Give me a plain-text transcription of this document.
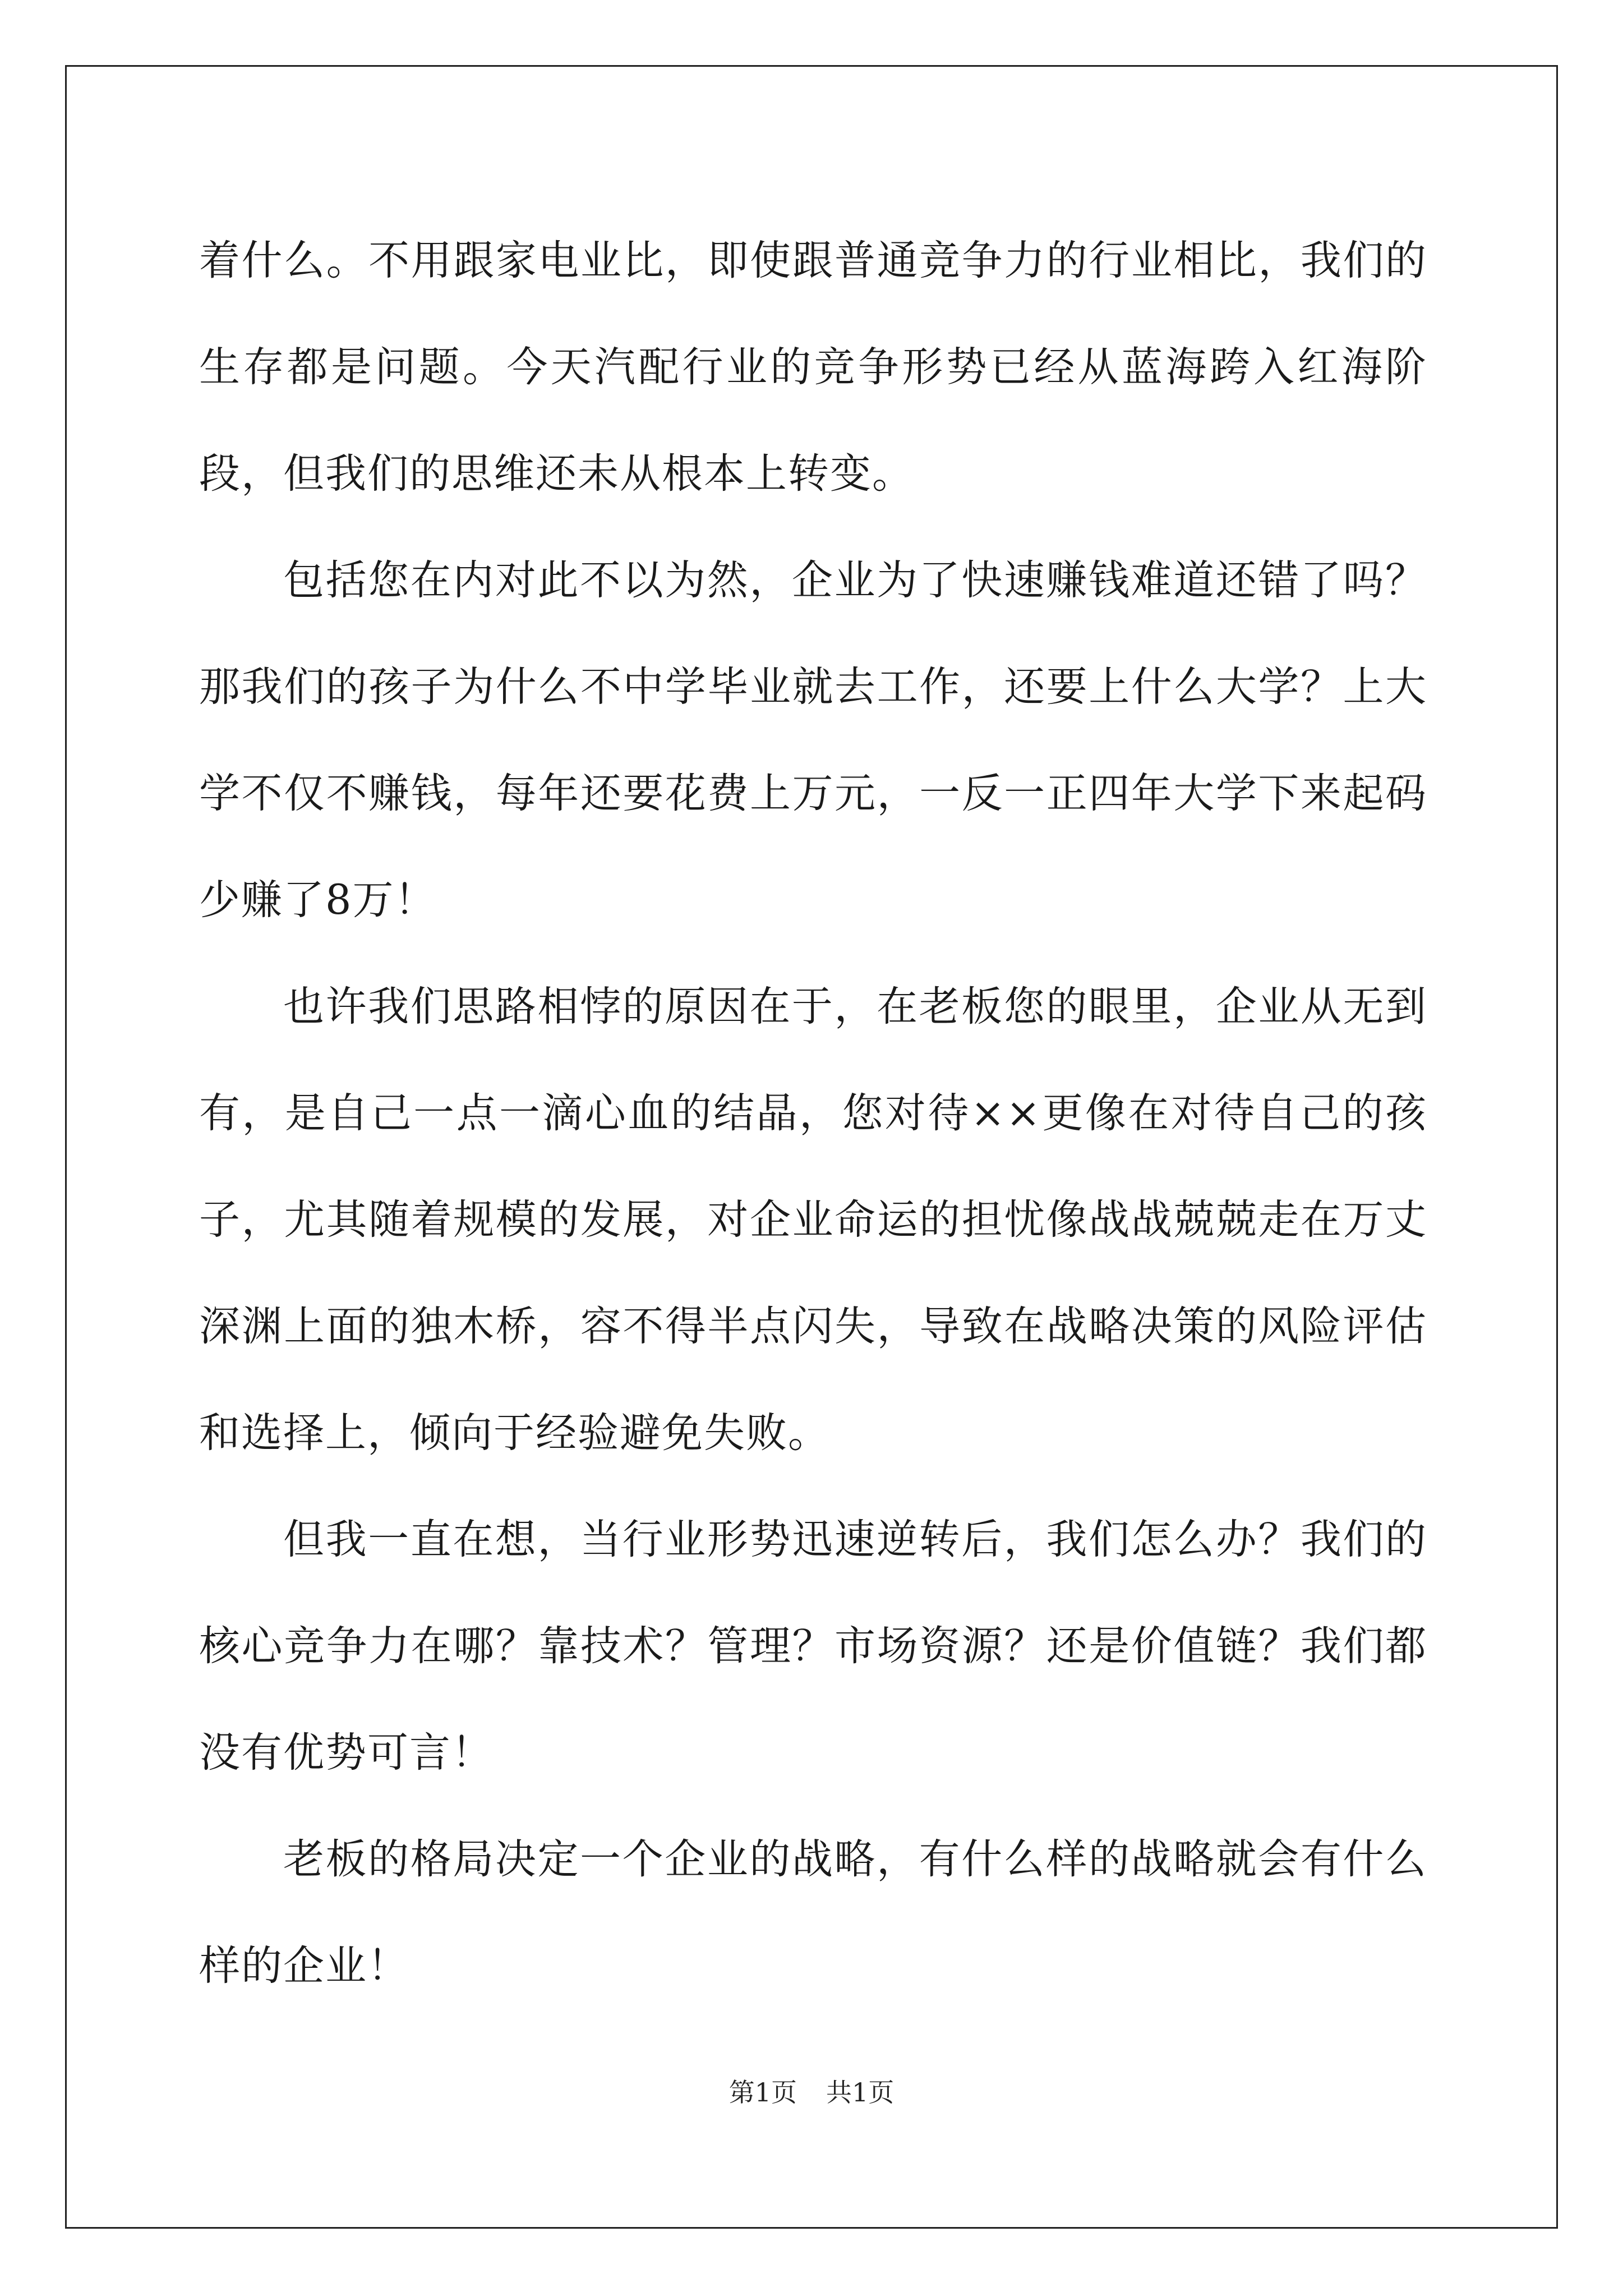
着什么。不用跟家电业比，即使跟普通竞争力的行业相比，我们的生存都是问题。今天汽配行业的竞争形势已经从蓝海跨入红海阶段，但我们的思维还未从根本上转变。

包括您在内对此不以为然，企业为了快速赚钱难道还错了吗？那我们的孩子为什么不中学毕业就去工作，还要上什么大学？上大学不仅不赚钱，每年还要花费上万元，一反一正四年大学下来起码少赚了8万！

也许我们思路相悖的原因在于，在老板您的眼里，企业从无到有，是自己一点一滴心血的结晶，您对待××更像在对待自己的孩子，尤其随着规模的发展，对企业命运的担忧像战战兢兢走在万丈深渊上面的独木桥，容不得半点闪失，导致在战略决策的风险评估和选择上，倾向于经验避免失败。

但我一直在想，当行业形势迅速逆转后，我们怎么办？我们的核心竞争力在哪？靠技术？管理？市场资源？还是价值链？我们都没有优势可言！

老板的格局决定一个企业的战略，有什么样的战略就会有什么样的企业！

第1页 共1页
